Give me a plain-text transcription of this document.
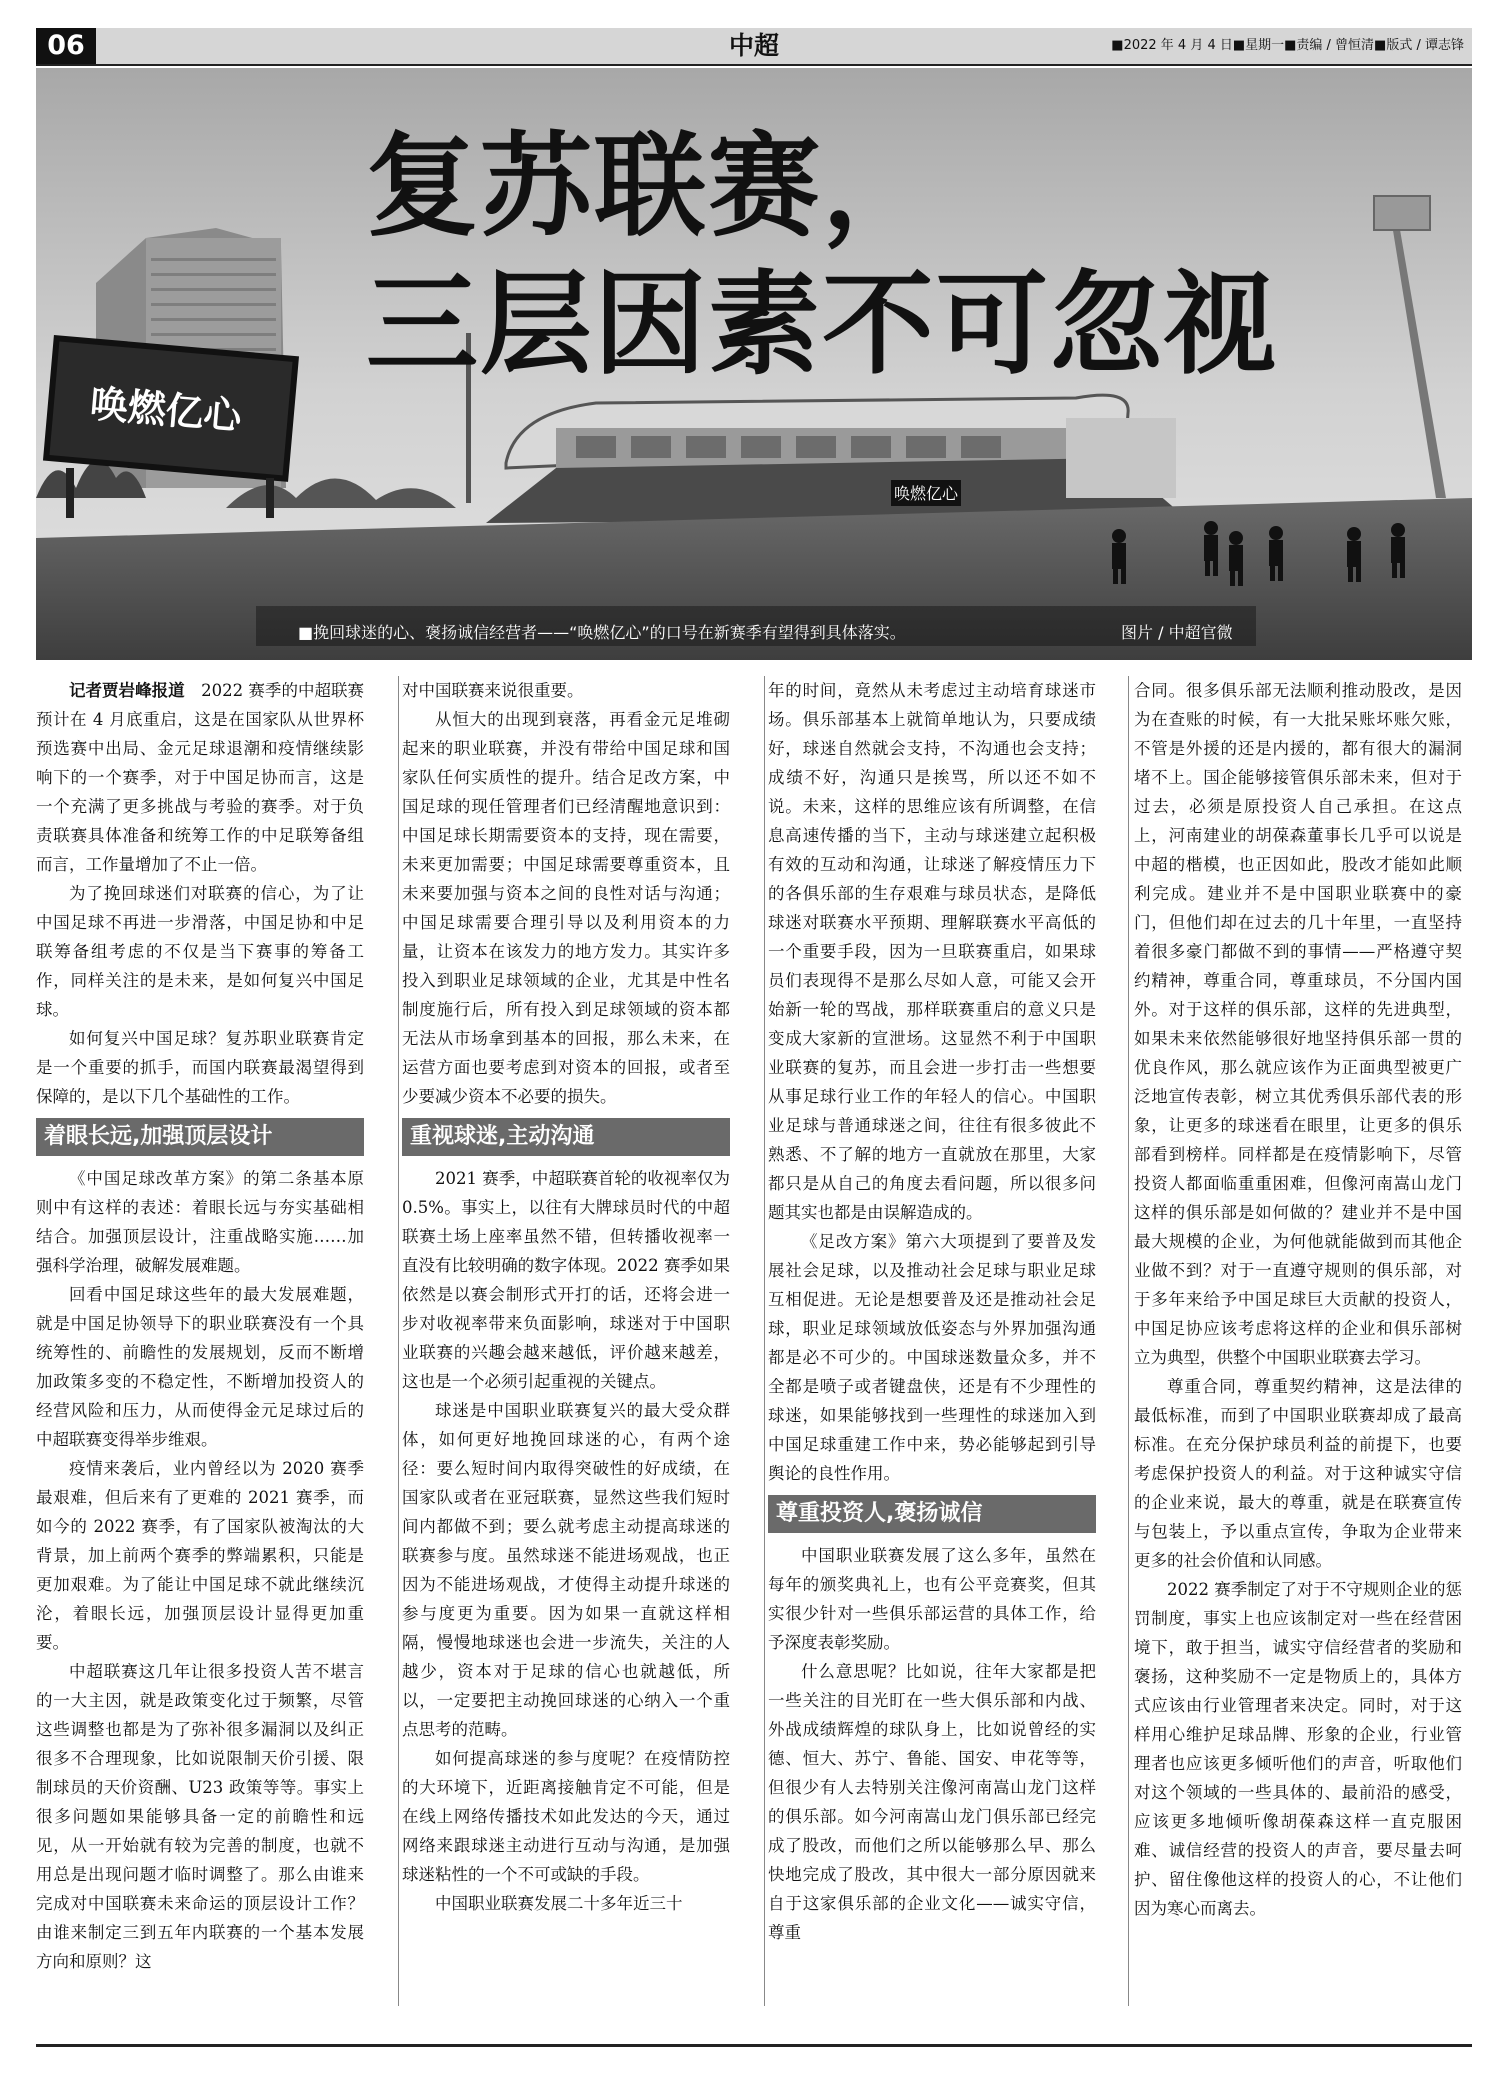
06	中超	■2022 年 4 月 4 日■星期一■责编 / 曾恒清■版式 / 谭志锋
唤燃亿心
唤燃亿心
复苏联赛，
三层因素不可忽视
■挽回球迷的心、褒扬诚信经营者——“唤燃亿心”的口号在新赛季有望得到具体落实。	图片 / 中超官微

记者贾岩峰报道　 2022 赛季的中超联赛预计在 4 月底重启，这是在国家队从世界杯预选赛中出局、金元足球退潮和疫情继续影响下的一个赛季，对于中国足协而言，这是一个充满了更多挑战与考验的赛季。对于负责联赛具体准备和统筹工作的中足联筹备组而言，工作量增加了不止一倍。

为了挽回球迷们对联赛的信心，为了让中国足球不再进一步滑落，中国足协和中足联筹备组考虑的不仅是当下赛事的筹备工作，同样关注的是未来，是如何复兴中国足球。

如何复兴中国足球？复苏职业联赛肯定是一个重要的抓手，而国内联赛最渴望得到保障的，是以下几个基础性的工作。

着眼长远,加强顶层设计

《中国足球改革方案》的第二条基本原则中有这样的表述：着眼长远与夯实基础相结合。加强顶层设计，注重战略实施……加强科学治理，破解发展难题。

回看中国足球这些年的最大发展难题，就是中国足协领导下的职业联赛没有一个具统筹性的、前瞻性的发展规划，反而不断增加政策多变的不稳定性，不断增加投资人的经营风险和压力，从而使得金元足球过后的中超联赛变得举步维艰。

疫情来袭后，业内曾经以为 2020 赛季最艰难，但后来有了更难的 2021 赛季，而如今的 2022 赛季，有了国家队被淘汰的大背景，加上前两个赛季的弊端累积，只能是更加艰难。为了能让中国足球不就此继续沉沦，着眼长远，加强顶层设计显得更加重要。

中超联赛这几年让很多投资人苦不堪言的一大主因，就是政策变化过于频繁，尽管这些调整也都是为了弥补很多漏洞以及纠正很多不合理现象，比如说限制天价引援、限制球员的天价资酬、U23 政策等等。事实上很多问题如果能够具备一定的前瞻性和远见，从一开始就有较为完善的制度，也就不用总是出现问题才临时调整了。那么由谁来完成对中国联赛未来命运的顶层设计工作？由谁来制定三到五年内联赛的一个基本发展方向和原则？这

对中国联赛来说很重要。

从恒大的出现到衰落，再看金元足堆砌起来的职业联赛，并没有带给中国足球和国家队任何实质性的提升。结合足改方案，中国足球的现任管理者们已经清醒地意识到：中国足球长期需要资本的支持，现在需要，未来更加需要；中国足球需要尊重资本，且未来要加强与资本之间的良性对话与沟通；中国足球需要合理引导以及利用资本的力量，让资本在该发力的地方发力。其实许多投入到职业足球领域的企业，尤其是中性名制度施行后，所有投入到足球领域的资本都无法从市场拿到基本的回报，那么未来，在运营方面也要考虑到对资本的回报，或者至少要减少资本不必要的损失。

重视球迷,主动沟通

2021 赛季，中超联赛首轮的收视率仅为 0.5%。事实上，以往有大牌球员时代的中超联赛土场上座率虽然不错，但转播收视率一直没有比较明确的数字体现。2022 赛季如果依然是以赛会制形式开打的话，还将会进一步对收视率带来负面影响，球迷对于中国职业联赛的兴趣会越来越低，评价越来越差，这也是一个必须引起重视的关键点。

球迷是中国职业联赛复兴的最大受众群体，如何更好地挽回球迷的心，有两个途径：要么短时间内取得突破性的好成绩，在国家队或者在亚冠联赛，显然这些我们短时间内都做不到；要么就考虑主动提高球迷的联赛参与度。虽然球迷不能进场观战，也正因为不能进场观战，才使得主动提升球迷的参与度更为重要。因为如果一直就这样相隔，慢慢地球迷也会进一步流失，关注的人越少，资本对于足球的信心也就越低，所以，一定要把主动挽回球迷的心纳入一个重点思考的范畴。

如何提高球迷的参与度呢？在疫情防控的大环境下，近距离接触肯定不可能，但是在线上网络传播技术如此发达的今天，通过网络来跟球迷主动进行互动与沟通，是加强球迷粘性的一个不可或缺的手段。

中国职业联赛发展二十多年近三十

年的时间，竟然从未考虑过主动培育球迷市场。俱乐部基本上就简单地认为，只要成绩好，球迷自然就会支持，不沟通也会支持；成绩不好，沟通只是挨骂，所以还不如不说。未来，这样的思维应该有所调整，在信息高速传播的当下，主动与球迷建立起积极有效的互动和沟通，让球迷了解疫情压力下的各俱乐部的生存艰难与球员状态，是降低球迷对联赛水平预期、理解联赛水平高低的一个重要手段，因为一旦联赛重启，如果球员们表现得不是那么尽如人意，可能又会开始新一轮的骂战，那样联赛重启的意义只是变成大家新的宣泄场。这显然不利于中国职业联赛的复苏，而且会进一步打击一些想要从事足球行业工作的年轻人的信心。中国职业足球与普通球迷之间，往往有很多彼此不熟悉、不了解的地方一直就放在那里，大家都只是从自己的角度去看问题，所以很多问题其实也都是由误解造成的。

《足改方案》第六大项提到了要普及发展社会足球，以及推动社会足球与职业足球互相促进。无论是想要普及还是推动社会足球，职业足球领域放低姿态与外界加强沟通都是必不可少的。中国球迷数量众多，并不全都是喷子或者键盘侠，还是有不少理性的球迷，如果能够找到一些理性的球迷加入到中国足球重建工作中来，势必能够起到引导舆论的良性作用。

尊重投资人,褒扬诚信

中国职业联赛发展了这么多年，虽然在每年的颁奖典礼上，也有公平竞赛奖，但其实很少针对一些俱乐部运营的具体工作，给予深度表彰奖励。

什么意思呢？比如说，往年大家都是把一些关注的目光盯在一些大俱乐部和内战、外战成绩辉煌的球队身上，比如说曾经的实德、恒大、苏宁、鲁能、国安、申花等等，但很少有人去特别关注像河南嵩山龙门这样的俱乐部。如今河南嵩山龙门俱乐部已经完成了股改，而他们之所以能够那么早、那么快地完成了股改，其中很大一部分原因就来自于这家俱乐部的企业文化——诚实守信，尊重

合同。很多俱乐部无法顺利推动股改，是因为在查账的时候，有一大批呆账坏账欠账，不管是外援的还是内援的，都有很大的漏洞堵不上。国企能够接管俱乐部未来，但对于过去，必须是原投资人自己承担。在这点上，河南建业的胡葆森董事长几乎可以说是中超的楷模，也正因如此，股改才能如此顺利完成。建业并不是中国职业联赛中的豪门，但他们却在过去的几十年里，一直坚持着很多豪门都做不到的事情——严格遵守契约精神，尊重合同，尊重球员，不分国内国外。对于这样的俱乐部，这样的先进典型，如果未来依然能够很好地坚持俱乐部一贯的优良作风，那么就应该作为正面典型被更广泛地宣传表彰，树立其优秀俱乐部代表的形象，让更多的球迷看在眼里，让更多的俱乐部看到榜样。同样都是在疫情影响下，尽管投资人都面临重重困难，但像河南嵩山龙门这样的俱乐部是如何做的？建业并不是中国最大规模的企业，为何他就能做到而其他企业做不到？对于一直遵守规则的俱乐部，对于多年来给予中国足球巨大贡献的投资人，中国足协应该考虑将这样的企业和俱乐部树立为典型，供整个中国职业联赛去学习。

尊重合同，尊重契约精神，这是法律的最低标准，而到了中国职业联赛却成了最高标准。在充分保护球员利益的前提下，也要考虑保护投资人的利益。对于这种诚实守信的企业来说，最大的尊重，就是在联赛宣传与包装上，予以重点宣传，争取为企业带来更多的社会价值和认同感。

2022 赛季制定了对于不守规则企业的惩罚制度，事实上也应该制定对一些在经营困境下，敢于担当，诚实守信经营者的奖励和褒扬，这种奖励不一定是物质上的，具体方式应该由行业管理者来决定。同时，对于这样用心维护足球品牌、形象的企业，行业管理者也应该更多倾听他们的声音，听取他们对这个领域的一些具体的、最前沿的感受，应该更多地倾听像胡葆森这样一直克服困难、诚信经营的投资人的声音，要尽量去呵护、留住像他这样的投资人的心，不让他们因为寒心而离去。
